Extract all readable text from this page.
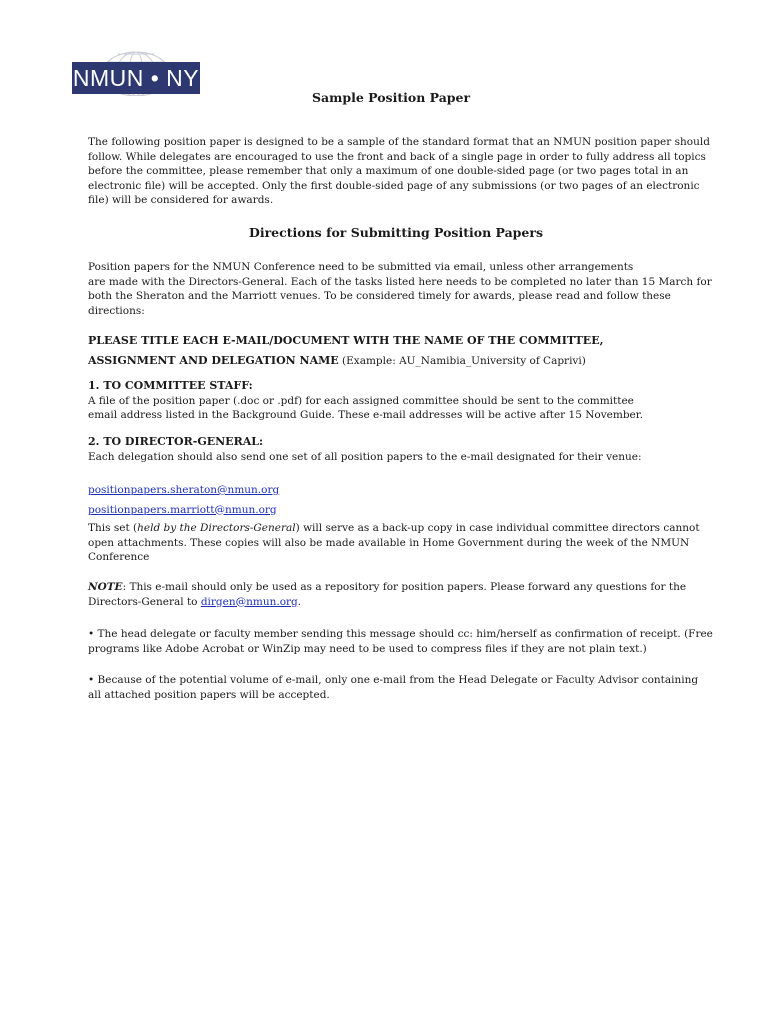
NMUN • NY
Sample Position Paper
The following position paper is designed to be a sample of the standard format that an NMUN position paper should
follow. While delegates are encouraged to use the front and back of a single page in order to fully address all topics
before the committee, please remember that only a maximum of one double-sided page (or two pages total in an
electronic file) will be accepted. Only the first double-sided page of any submissions (or two pages of an electronic
file) will be considered for awards.
Directions for Submitting Position Papers
Position papers for the NMUN Conference need to be submitted via email, unless other arrangements
are made with the Directors-General. Each of the tasks listed here needs to be completed no later than 15 March for
both the Sheraton and the Marriott venues. To be considered timely for awards, please read and follow these
directions:
PLEASE TITLE EACH E-MAIL/DOCUMENT WITH THE NAME OF THE COMMITTEE,
ASSIGNMENT AND DELEGATION NAME (Example: AU_Namibia_University of Caprivi)
1. TO COMMITTEE STAFF:
A file of the position paper (.doc or .pdf) for each assigned committee should be sent to the committee
email address listed in the Background Guide. These e-mail addresses will be active after 15 November.
2. TO DIRECTOR-GENERAL:
Each delegation should also send one set of all position papers to the e-mail designated for their venue:
positionpapers.sheraton@nmun.org
positionpapers.marriott@nmun.org
This set (held by the Directors-General) will serve as a back-up copy in case individual committee directors cannot
open attachments. These copies will also be made available in Home Government during the week of the NMUN
Conference
NOTE: This e-mail should only be used as a repository for position papers. Please forward any questions for the
Directors-General to dirgen@nmun.org.
• The head delegate or faculty member sending this message should cc: him/herself as confirmation of receipt. (Free
programs like Adobe Acrobat or WinZip may need to be used to compress files if they are not plain text.)
• Because of the potential volume of e-mail, only one e-mail from the Head Delegate or Faculty Advisor containing
all attached position papers will be accepted.
